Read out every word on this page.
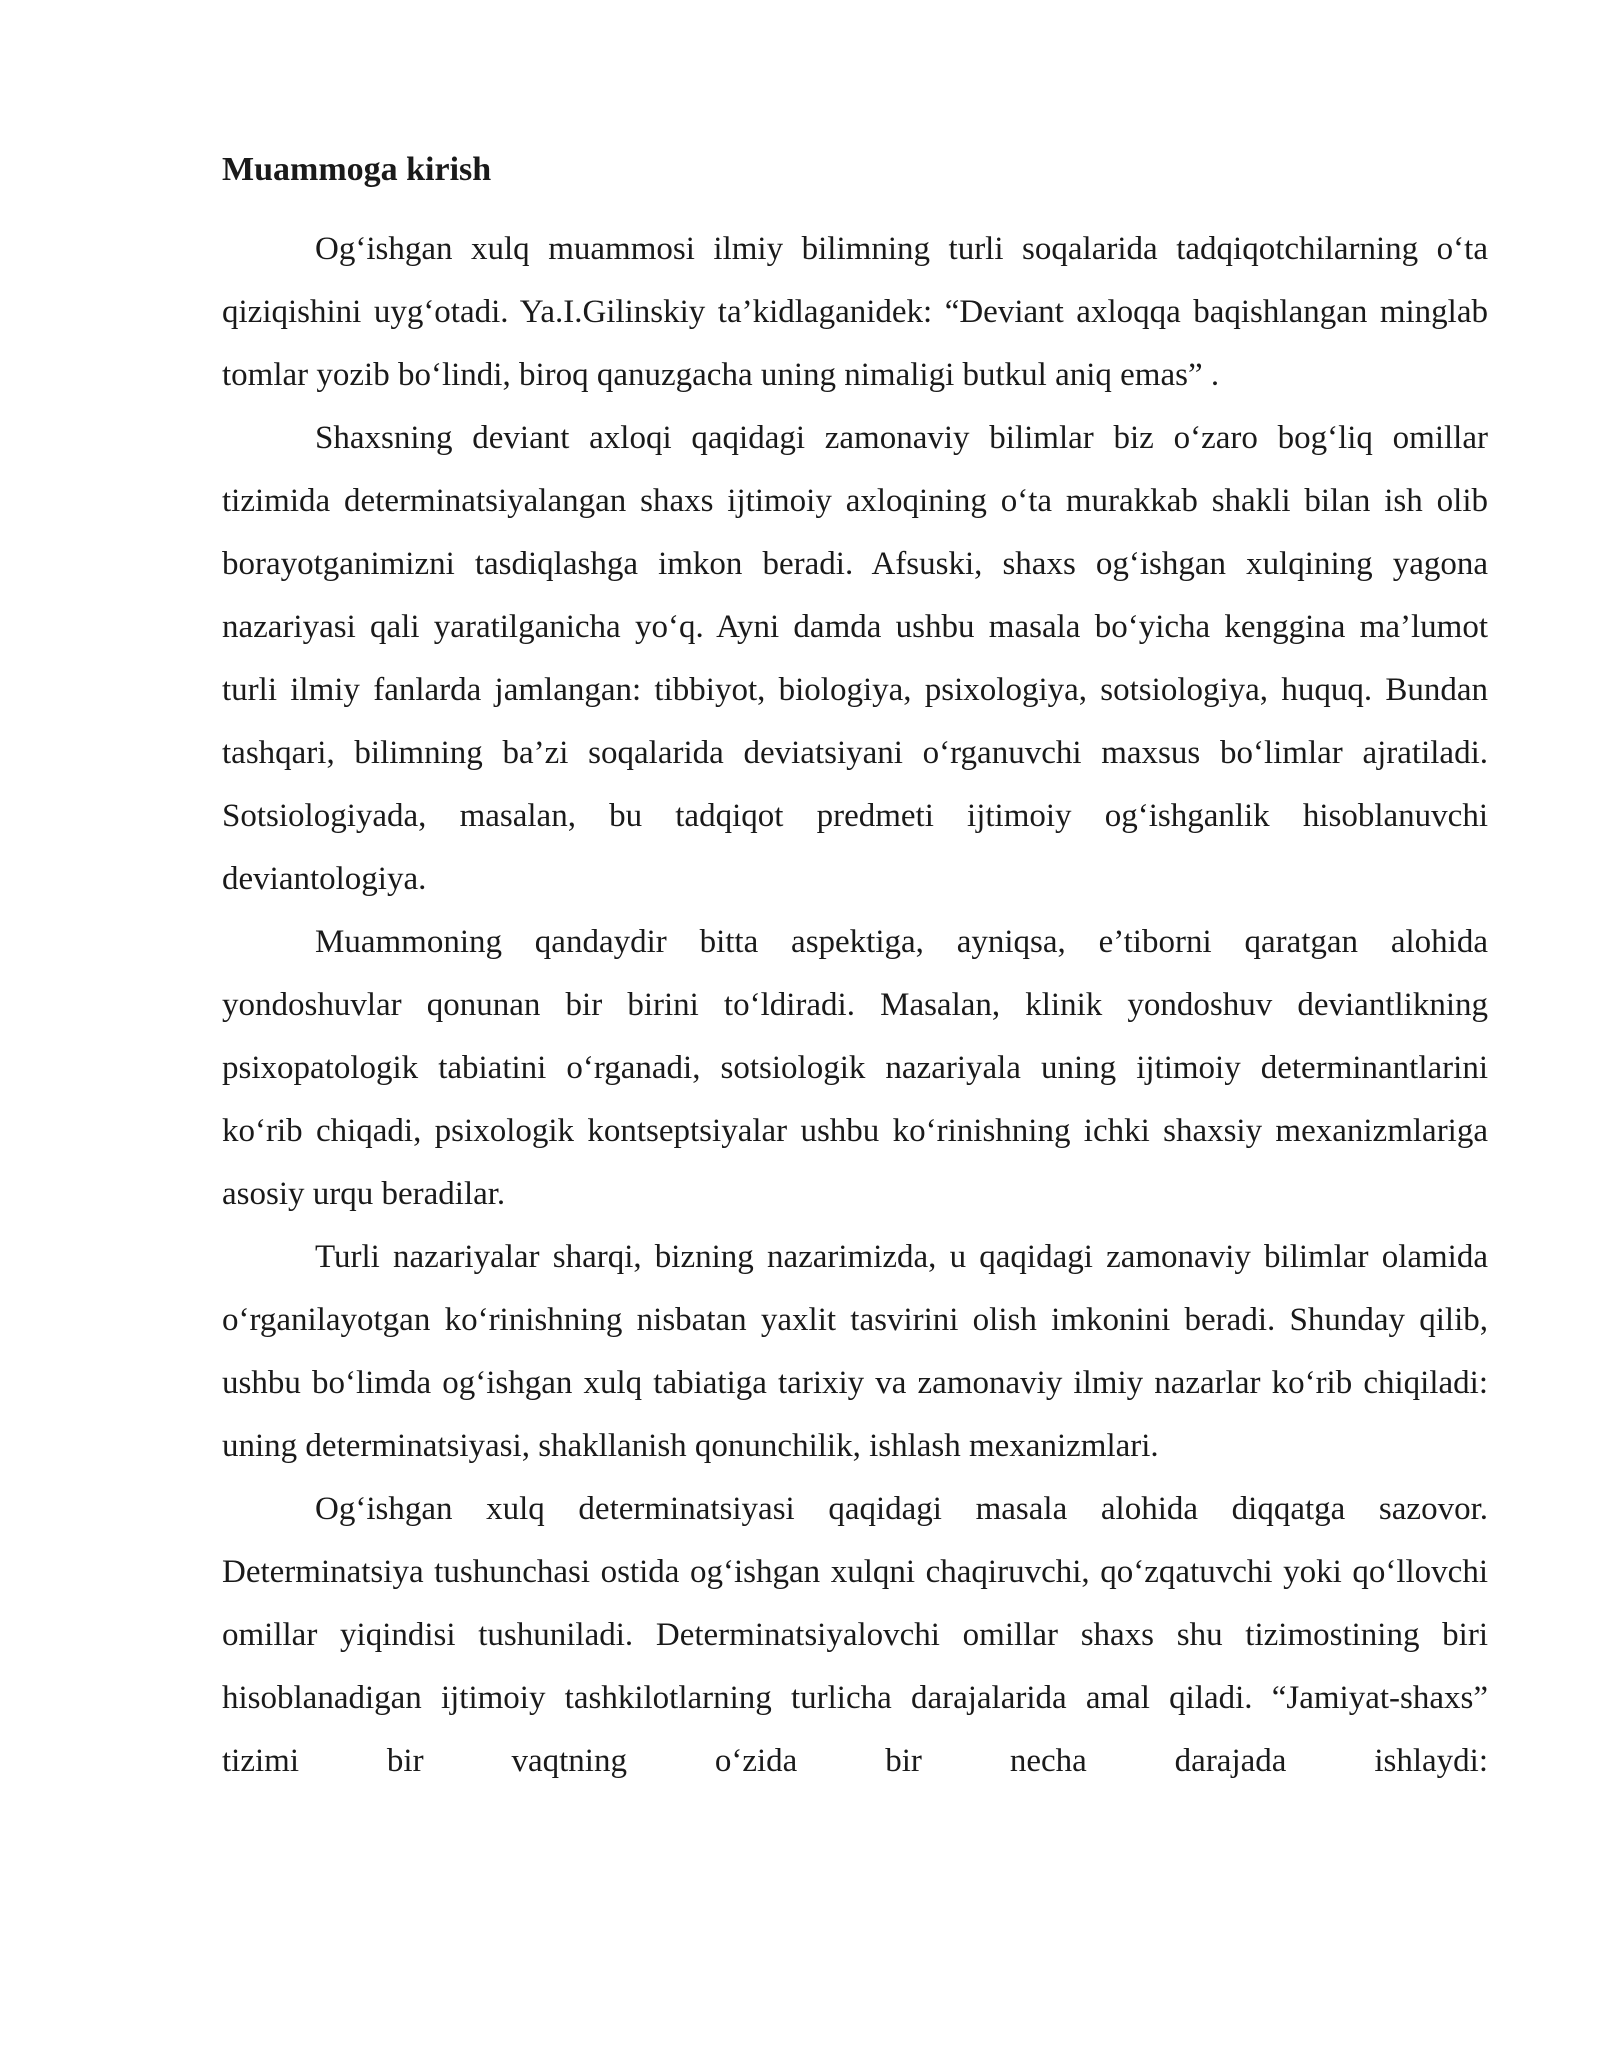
Muammoga kirish

Og‘ishgan xulq muammosi ilmiy bilimning turli soqalarida tadqiqotchilarning o‘ta qiziqishini uyg‘otadi. Ya.I.Gilinskiy ta’kidlaganidek: “Deviant axloqqa baqishlangan minglab tomlar yozib bo‘lindi, biroq qanuzgacha uning nimaligi butkul aniq emas” .

Shaxsning deviant axloqi qaqidagi zamonaviy bilimlar biz o‘zaro bog‘liq omillar tizimida determinatsiyalangan shaxs ijtimoiy axloqining o‘ta murakkab shakli bilan ish olib borayotganimizni tasdiqlashga imkon beradi. Afsuski, shaxs og‘ishgan xulqining yagona nazariyasi qali yaratilganicha yo‘q. Ayni damda ushbu masala bo‘yicha kenggina ma’lumot turli ilmiy fanlarda jamlangan: tibbiyot, biologiya, psixologiya, sotsiologiya, huquq. Bundan tashqari, bilimning ba’zi soqalarida deviatsiyani o‘rganuvchi maxsus bo‘limlar ajratiladi. Sotsiologiyada, masalan, bu tadqiqot predmeti ijtimoiy og‘ishganlik hisoblanuvchi deviantologiya.

Muammoning qandaydir bitta aspektiga, ayniqsa, e’tiborni qaratgan alohida yondoshuvlar qonunan bir birini to‘ldiradi. Masalan, klinik yondoshuv deviantlikning psixopatologik tabiatini o‘rganadi, sotsiologik nazariyala uning ijtimoiy determinantlarini ko‘rib chiqadi, psixologik kontseptsiyalar ushbu ko‘rinishning ichki shaxsiy mexanizmlariga asosiy urqu beradilar.

Turli nazariyalar sharqi, bizning nazarimizda, u qaqidagi zamonaviy bilimlar olamida o‘rganilayotgan ko‘rinishning nisbatan yaxlit tasvirini olish imkonini beradi. Shunday qilib, ushbu bo‘limda og‘ishgan xulq tabiatiga tarixiy va zamonaviy ilmiy nazarlar ko‘rib chiqiladi: uning determinatsiyasi, shakllanish qonunchilik, ishlash mexanizmlari.

Og‘ishgan xulq determinatsiyasi qaqidagi masala alohida diqqatga sazovor. Determinatsiya tushunchasi ostida og‘ishgan xulqni chaqiruvchi, qo‘zqatuvchi yoki qo‘llovchi omillar yiqindisi tushuniladi. Determinatsiyalovchi omillar shaxs shu tizimostining biri hisoblanadigan ijtimoiy tashkilotlarning turlicha darajalarida amal qiladi. “Jamiyat-shaxs” tizimi bir vaqtning o‘zida bir necha darajada ishlaydi:
